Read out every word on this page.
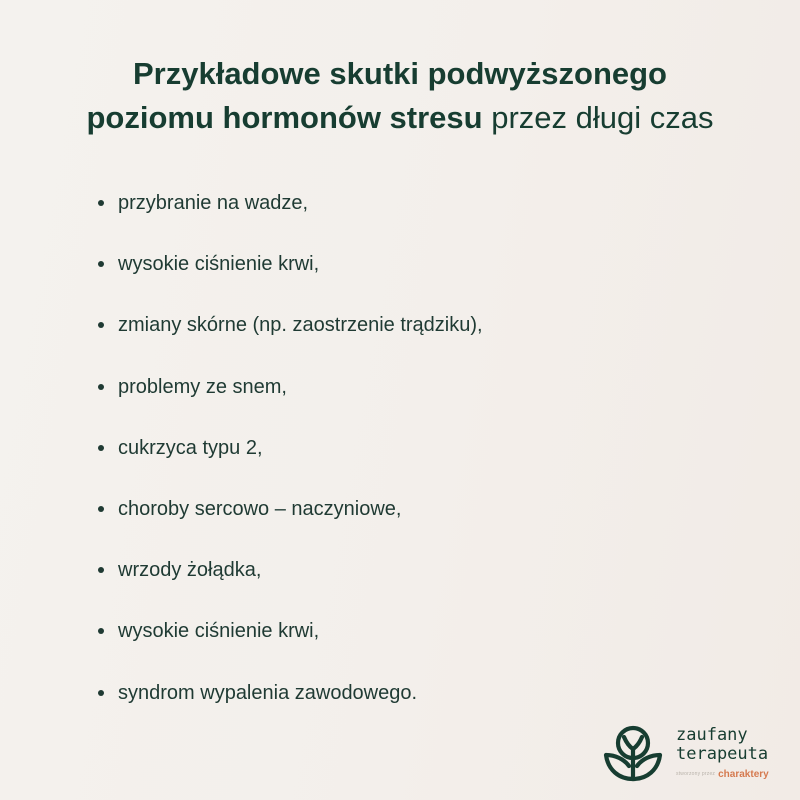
Przykładowe skutki podwyższonego
poziomu hormonów stresu przez długi czas
przybranie na wadze,
wysokie ciśnienie krwi,
zmiany skórne (np. zaostrzenie trądziku),
problemy ze snem,
cukrzyca typu 2,
choroby sercowo – naczyniowe,
wrzody żołądka,
wysokie ciśnienie krwi,
syndrom wypalenia zawodowego.
zaufany
terapeuta
$^{stworzony przez}$ charaktery
